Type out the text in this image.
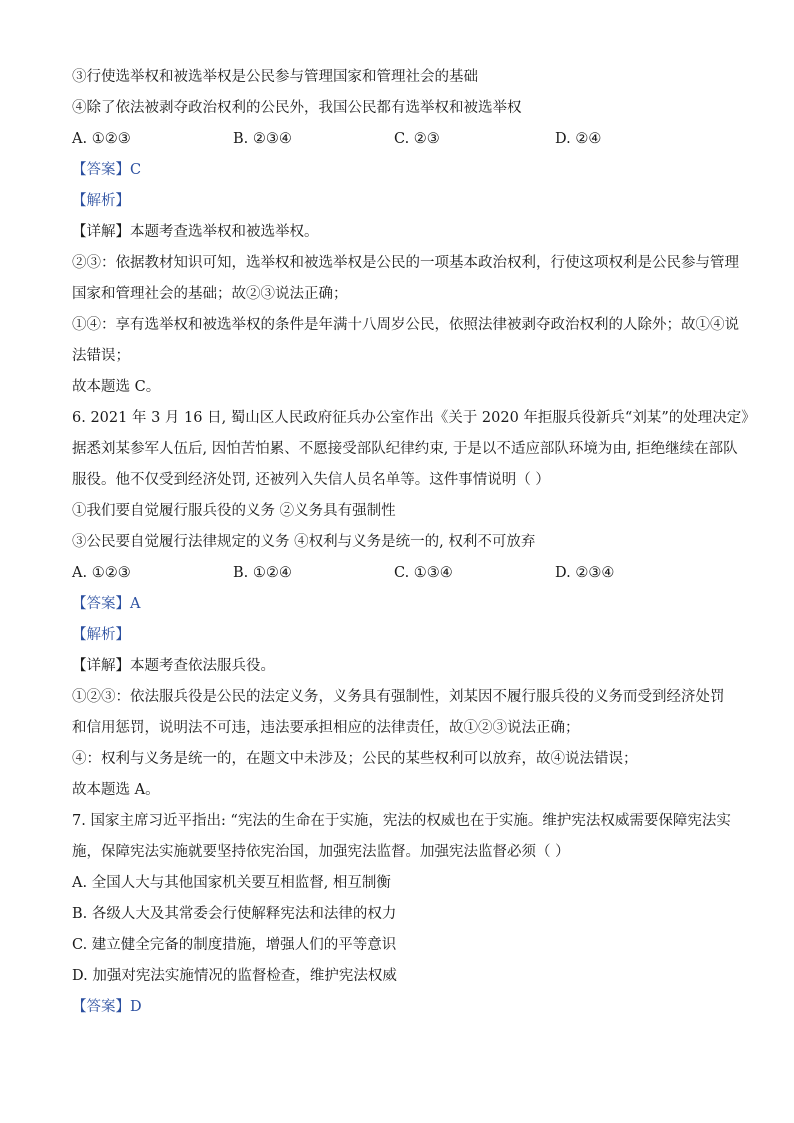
③行使选举权和被选举权是公民参与管理国家和管理社会的基础
④除了依法被剥夺政治权利的公民外，我国公民都有选举权和被选举权
A. ①②③	B. ②③④	C. ②③	D. ②④
【答案】C
【解析】
【详解】本题考查选举权和被选举权。
②③：依据教材知识可知，选举权和被选举权是公民的一项基本政治权利，行使这项权利是公民参与管理
国家和管理社会的基础；故②③说法正确；
①④：享有选举权和被选举权的条件是年满十八周岁公民，依照法律被剥夺政治权利的人除外；故①④说
法错误；
故本题选 C。
6. 2021 年 3 月 16 日, 蜀山区人民政府征兵办公室作出《关于 2020 年拒服兵役新兵“刘某”的处理决定》
据悉刘某参军人伍后, 因怕苦怕累、不愿接受部队纪律约束, 于是以不适应部队环境为由, 拒绝继续在部队
服役。他不仅受到经济处罚, 还被列入失信人员名单等。这件事情说明（ ）
①我们要自觉履行服兵役的义务 ②义务具有强制性
③公民要自觉履行法律规定的义务 ④权利与义务是统一的, 权利不可放弃
A. ①②③	B. ①②④	C. ①③④	D. ②③④
【答案】A
【解析】
【详解】本题考查依法服兵役。
①②③：依法服兵役是公民的法定义务，义务具有强制性，刘某因不履行服兵役的义务而受到经济处罚
和信用惩罚，说明法不可违，违法要承担相应的法律责任，故①②③说法正确；
④：权利与义务是统一的，在题文中未涉及；公民的某些权利可以放弃，故④说法错误；
故本题选 A。
7. 国家主席习近平指出: “宪法的生命在于实施，宪法的权威也在于实施。维护宪法权威需要保障宪法实
施，保障宪法实施就要坚持依宪治国，加强宪法监督。加强宪法监督必须（ ）
A. 全国人大与其他国家机关要互相监督, 相互制衡
B. 各级人大及其常委会行使解释宪法和法律的权力
C. 建立健全完备的制度措施，增强人们的平等意识
D. 加强对宪法实施情况的监督检查，维护宪法权威
【答案】D
